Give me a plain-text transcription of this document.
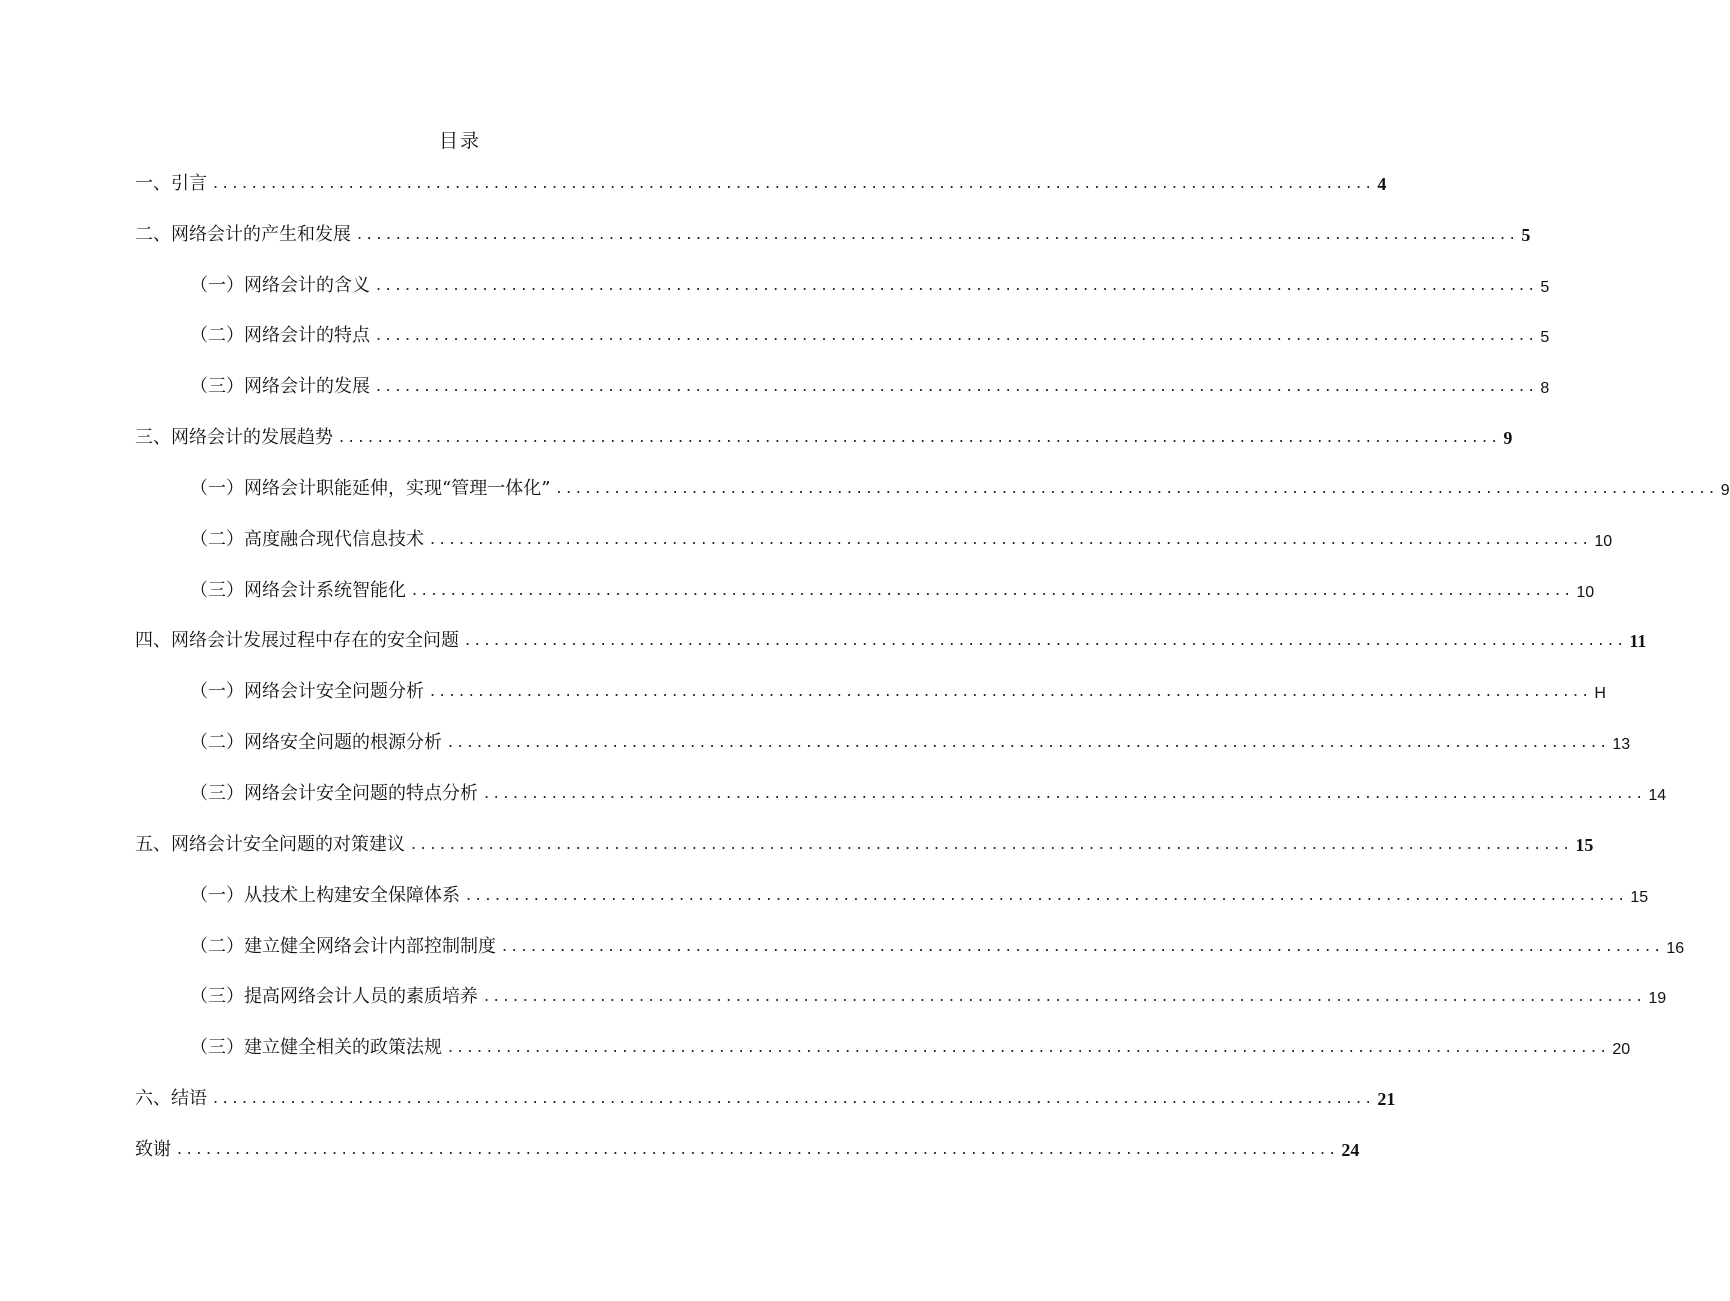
目录
一、引言 ........................................................................................................................ 4
二、网络会计的产生和发展 ........................................................................................................................ 5
（一）网络会计的含义 ........................................................................................................................ 5
（二）网络会计的特点 ........................................................................................................................ 5
（三）网络会计的发展 ........................................................................................................................ 8
三、网络会计的发展趋势 ........................................................................................................................ 9
（一）网络会计职能延伸，实现“管理一体化” ........................................................................................................................ 9
（二）高度融合现代信息技术 ........................................................................................................................ 10
（三）网络会计系统智能化 ........................................................................................................................ 10
四、网络会计发展过程中存在的安全问题 ........................................................................................................................ 11
（一）网络会计安全问题分析 ........................................................................................................................ H
（二）网络安全问题的根源分析 ........................................................................................................................ 13
（三）网络会计安全问题的特点分析 ........................................................................................................................ 14
五、网络会计安全问题的对策建议 ........................................................................................................................ 15
（一）从技术上构建安全保障体系 ........................................................................................................................ 15
（二）建立健全网络会计内部控制制度 ........................................................................................................................ 16
（三）提高网络会计人员的素质培养 ........................................................................................................................ 19
（三）建立健全相关的政策法规 ........................................................................................................................ 20
六、结语 ........................................................................................................................ 21
致谢 ........................................................................................................................ 24
